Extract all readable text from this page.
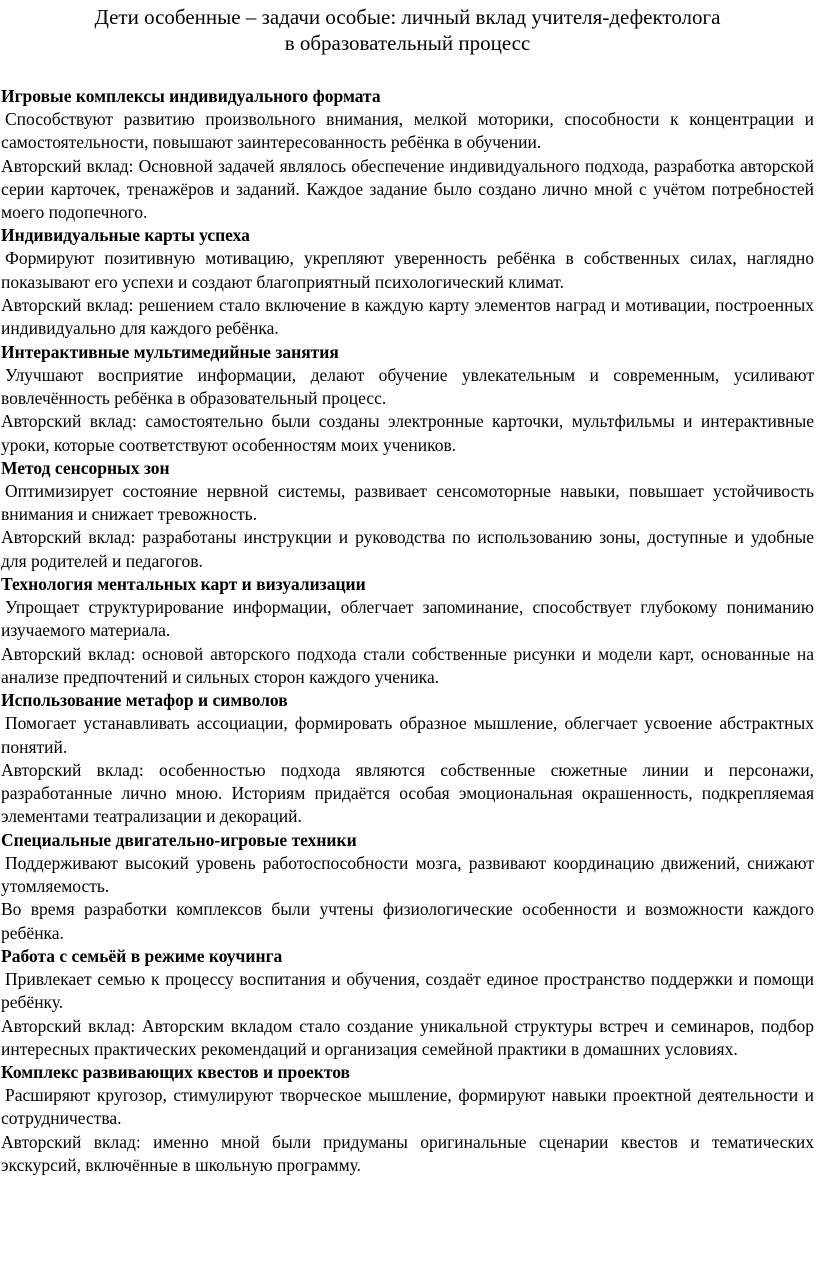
Дети особенные – задачи особые: личный вклад учителя-дефектолога
в образовательный процесс

Игровые комплексы индивидуального формата

Способствуют развитию произвольного внимания, мелкой моторики, способности к концентрации и самостоятельности, повышают заинтересованность ребёнка в обучении.

Авторский вклад: Основной задачей являлось обеспечение индивидуального подхода, разработка авторской серии карточек, тренажёров и заданий. Каждое задание было создано лично мной с учётом потребностей моего подопечного.

Индивидуальные карты успеха

Формируют позитивную мотивацию, укрепляют уверенность ребёнка в собственных силах, наглядно показывают его успехи и создают благоприятный психологический климат.

Авторский вклад: решением стало включение в каждую карту элементов наград и мотивации, построенных индивидуально для каждого ребёнка.

Интерактивные мультимедийные занятия

Улучшают восприятие информации, делают обучение увлекательным и современным, усиливают вовлечённость ребёнка в образовательный процесс.

Авторский вклад: самостоятельно были созданы электронные карточки, мультфильмы и интерактивные уроки, которые соответствуют особенностям моих учеников.

Метод сенсорных зон

Оптимизирует состояние нервной системы, развивает сенсомоторные навыки, повышает устойчивость внимания и снижает тревожность.

Авторский вклад: разработаны инструкции и руководства по использованию зоны, доступные и удобные для родителей и педагогов.

Технология ментальных карт и визуализации

Упрощает структурирование информации, облегчает запоминание, способствует глубокому пониманию изучаемого материала.

Авторский вклад: основой авторского подхода стали собственные рисунки и модели карт, основанные на анализе предпочтений и сильных сторон каждого ученика.

Использование метафор и символов

Помогает устанавливать ассоциации, формировать образное мышление, облегчает усвоение абстрактных понятий.

Авторский вклад: особенностью подхода являются собственные сюжетные линии и персонажи, разработанные лично мною. Историям придаётся особая эмоциональная окрашенность, подкрепляемая элементами театрализации и декораций.

Специальные двигательно-игровые техники

Поддерживают высокий уровень работоспособности мозга, развивают координацию движений, снижают утомляемость.

Во время разработки комплексов были учтены физиологические особенности и возможности каждого ребёнка.

Работа с семьёй в режиме коучинга

Привлекает семью к процессу воспитания и обучения, создаёт единое пространство поддержки и помощи ребёнку.

Авторский вклад: Авторским вкладом стало создание уникальной структуры встреч и семинаров, подбор интересных практических рекомендаций и организация семейной практики в домашних условиях.

Комплекс развивающих квестов и проектов

Расширяют кругозор, стимулируют творческое мышление, формируют навыки проектной деятельности и сотрудничества.

Авторский вклад: именно мной были придуманы оригинальные сценарии квестов и тематических экскурсий, включённые в школьную программу.
